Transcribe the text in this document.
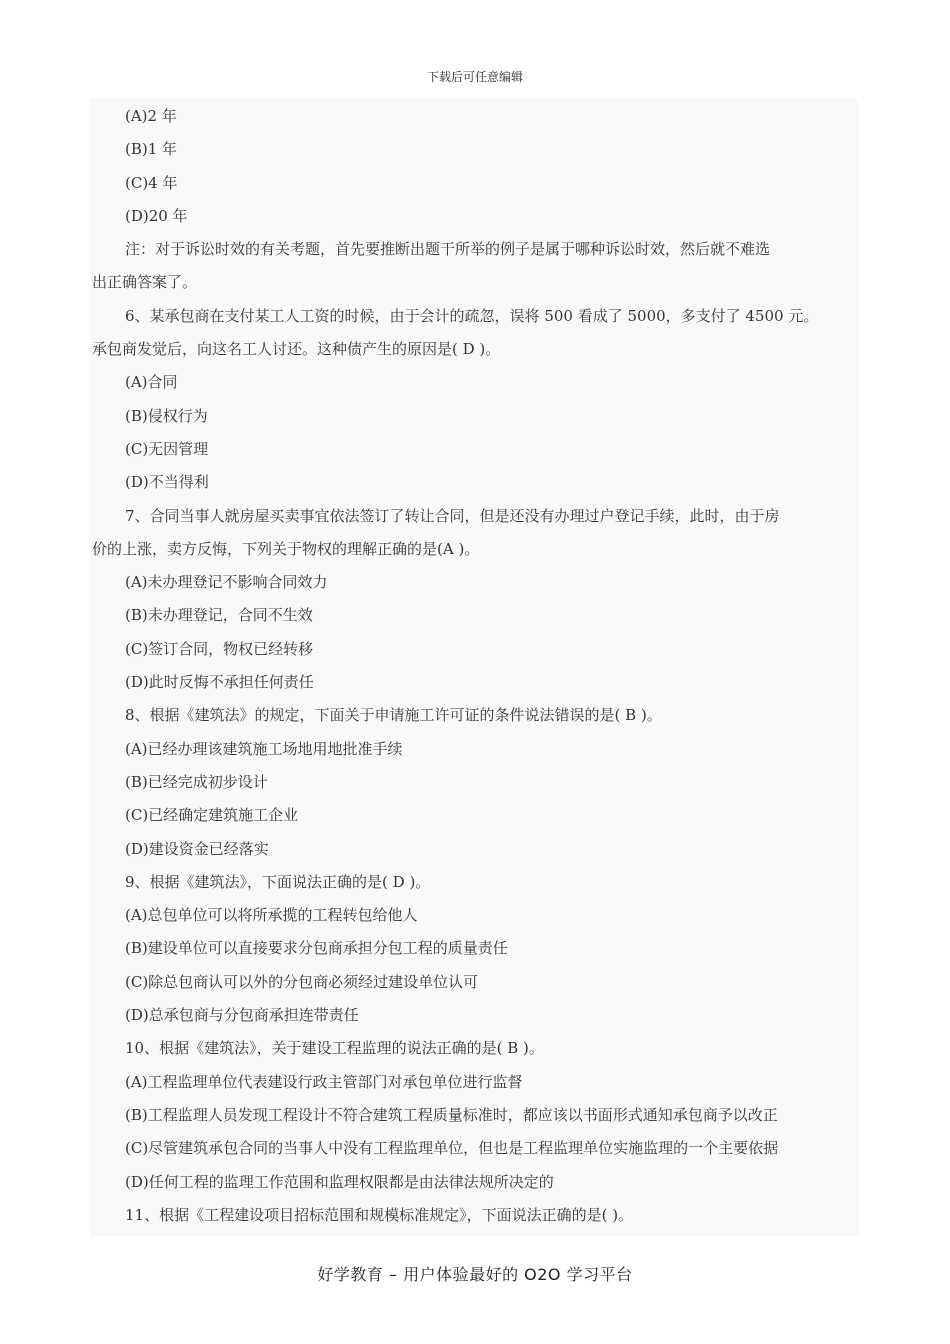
下载后可任意编辑
(A)2 年
(B)1 年
(C)4 年
(D)20 年
注：对于诉讼时效的有关考题，首先要推断出题干所举的例子是属于哪种诉讼时效，然后就不难选
出正确答案了。
6、某承包商在支付某工人工资的时候，由于会计的疏忽，误将 500 看成了 5000，多支付了 4500 元。
承包商发觉后，向这名工人讨还。这种债产生的原因是( D )。
(A)合同
(B)侵权行为
(C)无因管理
(D)不当得利
7、合同当事人就房屋买卖事宜依法签订了转让合同，但是还没有办理过户登记手续，此时，由于房
价的上涨，卖方反悔，下列关于物权的理解正确的是(A )。
(A)未办理登记不影响合同效力
(B)未办理登记，合同不生效
(C)签订合同，物权已经转移
(D)此时反悔不承担任何责任
8、根据《建筑法》的规定，下面关于申请施工许可证的条件说法错误的是( B )。
(A)已经办理该建筑施工场地用地批准手续
(B)已经完成初步设计
(C)已经确定建筑施工企业
(D)建设资金已经落实
9、根据《建筑法》，下面说法正确的是( D )。
(A)总包单位可以将所承揽的工程转包给他人
(B)建设单位可以直接要求分包商承担分包工程的质量责任
(C)除总包商认可以外的分包商必须经过建设单位认可
(D)总承包商与分包商承担连带责任
10、根据《建筑法》，关于建设工程监理的说法正确的是( B )。
(A)工程监理单位代表建设行政主管部门对承包单位进行监督
(B)工程监理人员发现工程设计不符合建筑工程质量标准时，都应该以书面形式通知承包商予以改正
(C)尽管建筑承包合同的当事人中没有工程监理单位，但也是工程监理单位实施监理的一个主要依据
(D)任何工程的监理工作范围和监理权限都是由法律法规所决定的
11、根据《工程建设项目招标范围和规模标准规定》，下面说法正确的是( )。
好学教育 – 用户体验最好的 O2O 学习平台
